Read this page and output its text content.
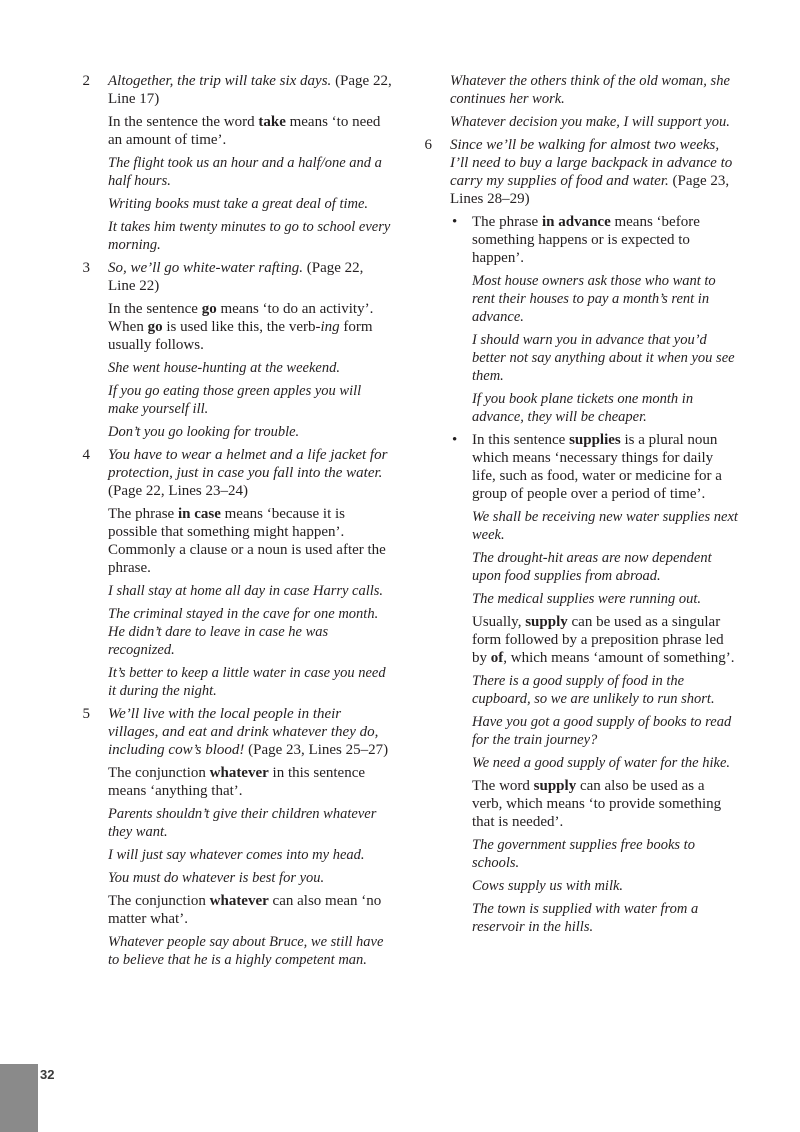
2 Altogether, the trip will take six days. (Page 22, Line 17)

In the sentence the word take means ‘to need an amount of time’.

The flight took us an hour and a half/one and a half hours.

Writing books must take a great deal of time.

It takes him twenty minutes to go to school every morning.

3 So, we’ll go white-water rafting. (Page 22, Line 22)

In the sentence go means ‘to do an activity’. When go is used like this, the verb-ing form usually follows.

She went house-hunting at the weekend.

If you go eating those green apples you will make yourself ill.

Don’t you go looking for trouble.

4 You have to wear a helmet and a life jacket for protection, just in case you fall into the water. (Page 22, Lines 23–24)

The phrase in case means ‘because it is possible that something might happen’. Commonly a clause or a noun is used after the phrase.

I shall stay at home all day in case Harry calls.

The criminal stayed in the cave for one month. He didn’t dare to leave in case he was recognized.

It’s better to keep a little water in case you need it during the night.

5 We’ll live with the local people in their villages, and eat and drink whatever they do, including cow’s blood! (Page 23, Lines 25–27)

The conjunction whatever in this sentence means ‘anything that’.

Parents shouldn’t give their children whatever they want.

I will just say whatever comes into my head.

You must do whatever is best for you.

The conjunction whatever can also mean ‘no matter what’.

Whatever people say about Bruce, we still have to believe that he is a highly competent man.

Whatever the others think of the old woman, she continues her work.

Whatever decision you make, I will support you.

6 Since we’ll be walking for almost two weeks, I’ll need to buy a large backpack in advance to carry my supplies of food and water. (Page 23, Lines 28–29)

• The phrase in advance means ‘before something happens or is expected to happen’.

Most house owners ask those who want to rent their houses to pay a month’s rent in advance.

I should warn you in advance that you’d better not say anything about it when you see them.

If you book plane tickets one month in advance, they will be cheaper.

• In this sentence supplies is a plural noun which means ‘necessary things for daily life, such as food, water or medicine for a group of people over a period of time’.

We shall be receiving new water supplies next week.

The drought-hit areas are now dependent upon food supplies from abroad.

The medical supplies were running out.

Usually, supply can be used as a singular form followed by a preposition phrase led by of, which means ‘amount of something’.

There is a good supply of food in the cupboard, so we are unlikely to run short.

Have you got a good supply of books to read for the train journey?

We need a good supply of water for the hike.

The word supply can also be used as a verb, which means ‘to provide something that is needed’.

The government supplies free books to schools.

Cows supply us with milk.

The town is supplied with water from a reservoir in the hills.

32
